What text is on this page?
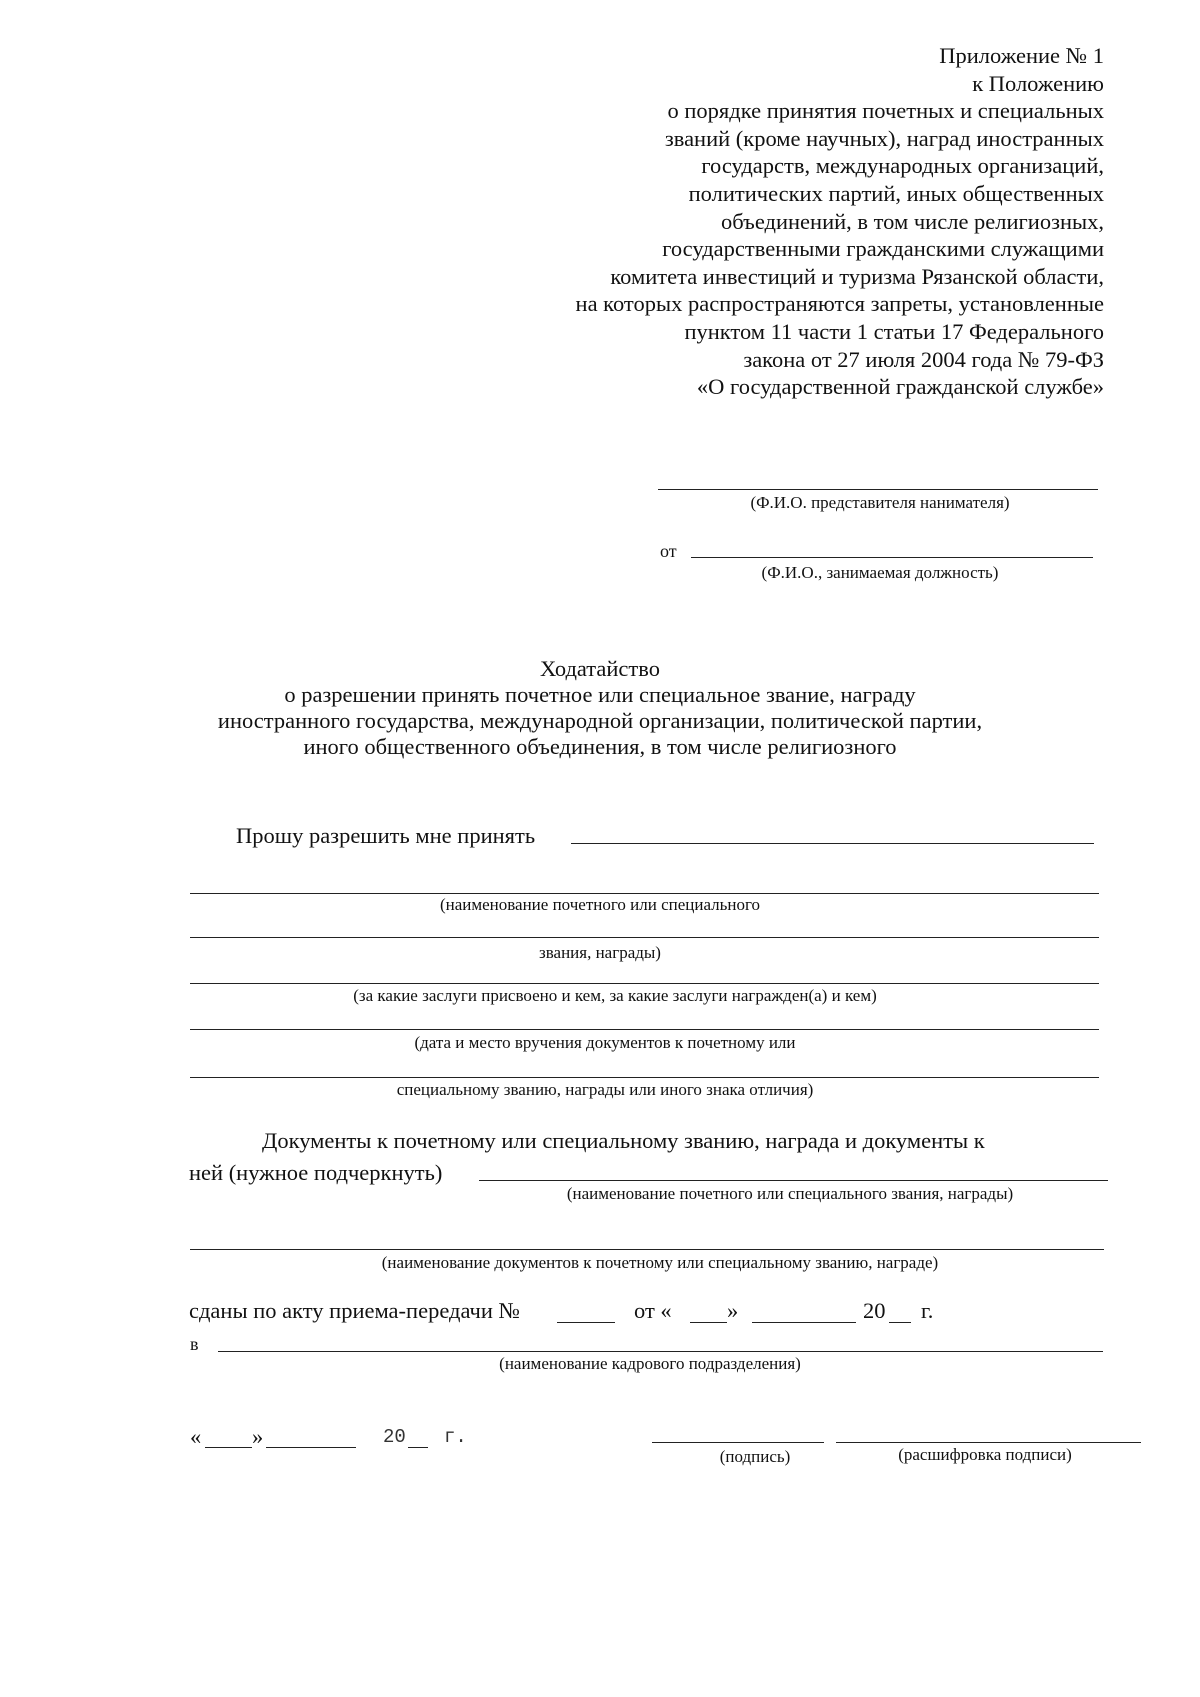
Приложение № 1
к Положению
о порядке принятия почетных и специальных
званий (кроме научных), наград иностранных
государств, международных организаций,
политических партий, иных общественных
объединений, в том числе религиозных,
государственными гражданскими служащими
комитета инвестиций и туризма Рязанской области,
на которых распространяются запреты, установленные
пунктом 11 части 1 статьи 17 Федерального
закона от 27 июля 2004 года № 79-ФЗ
«О государственной гражданской службе»
(Ф.И.О. представителя нанимателя)
от
(Ф.И.О., занимаемая должность)
Ходатайство
о разрешении принять почетное или специальное звание, награду
иностранного государства, международной организации, политической партии,
иного общественного объединения, в том числе религиозного
Прошу разрешить мне принять
(наименование почетного или специального
звания, награды)
(за какие заслуги присвоено и кем, за какие заслуги награжден(а) и кем)
(дата и место вручения документов к почетному или
специальному званию, награды или иного знака отличия)
Документы к почетному или специальному званию, награда и документы к
ней (нужное подчеркнуть)
(наименование почетного или специального звания, награды)
(наименование документов к почетному или специальному званию, награде)
сданы по акту приема-передачи №	от « »	20 г.
в
(наименование кадрового подразделения)
« »	20 г.
(подпись)	(расшифровка подписи)
